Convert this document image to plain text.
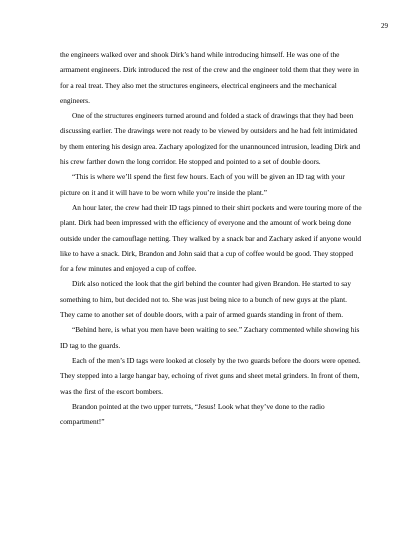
29

the engineers walked over and shook Dirk’s hand while introducing himself. He was one of the armament engineers. Dirk introduced the rest of the crew and the engineer told them that they were in for a real treat. They also met the structures engineers, electrical engineers and the mechanical engineers.

One of the structures engineers turned around and folded a stack of drawings that they had been discussing earlier. The drawings were not ready to be viewed by outsiders and he had felt intimidated by them entering his design area. Zachary apologized for the unannounced intrusion, leading Dirk and his crew farther down the long corridor. He stopped and pointed to a set of double doors.

“This is where we’ll spend the first few hours. Each of you will be given an ID tag with your picture on it and it will have to be worn while you’re inside the plant.”

An hour later, the crew had their ID tags pinned to their shirt pockets and were touring more of the plant. Dirk had been impressed with the efficiency of everyone and the amount of work being done outside under the camouflage netting. They walked by a snack bar and Zachary asked if anyone would like to have a snack. Dirk, Brandon and John said that a cup of coffee would be good. They stopped for a few minutes and enjoyed a cup of coffee.

Dirk also noticed the look that the girl behind the counter had given Brandon. He started to say something to him, but decided not to. She was just being nice to a bunch of new guys at the plant. They came to another set of double doors, with a pair of armed guards standing in front of them.

“Behind here, is what you men have been waiting to see.” Zachary commented while showing his ID tag to the guards.

Each of the men’s ID tags were looked at closely by the two guards before the doors were opened. They stepped into a large hangar bay, echoing of rivet guns and sheet metal grinders. In front of them, was the first of the escort bombers.

Brandon pointed at the two upper turrets, “Jesus! Look what they’ve done to the radio compartment!”
